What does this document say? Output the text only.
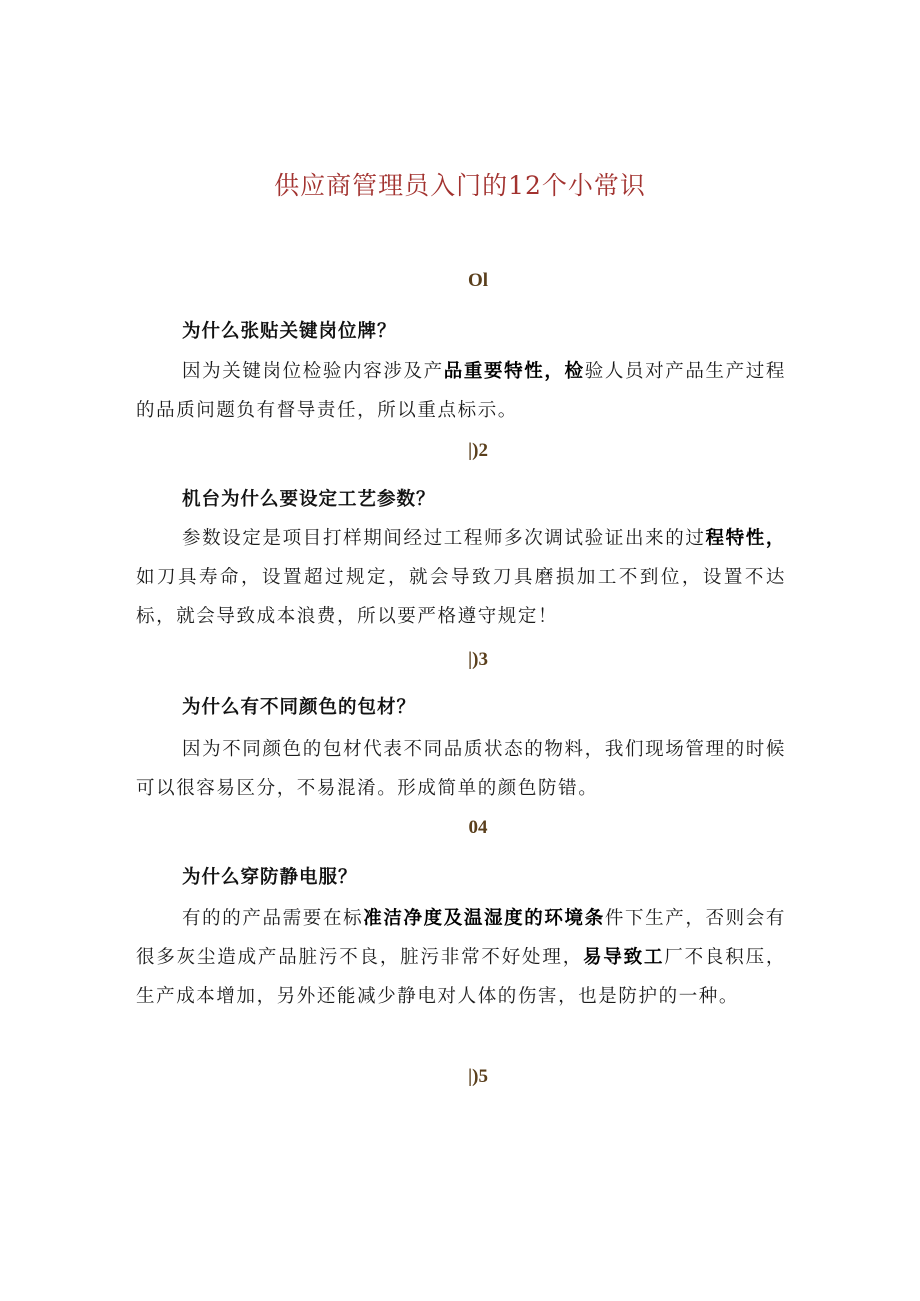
供应商管理员入门的12个小常识
Ol
为什么张贴关键岗位牌？
因为关键岗位检验内容涉及产品重要特性，检验人员对产品生产过程的品质问题负有督导责任，所以重点标示。
|)2
机台为什么要设定工艺参数？
参数设定是项目打样期间经过工程师多次调试验证出来的过程特性，如刀具寿命，设置超过规定，就会导致刀具磨损加工不到位，设置不达标，就会导致成本浪费，所以要严格遵守规定！
|)3
为什么有不同颜色的包材？
因为不同颜色的包材代表不同品质状态的物料，我们现场管理的时候可以很容易区分，不易混淆。形成简单的颜色防错。
04
为什么穿防静电服？
有的的产品需要在标准洁净度及温湿度的环境条件下生产，否则会有很多灰尘造成产品脏污不良，脏污非常不好处理，易导致工厂不良积压，生产成本增加，另外还能减少静电对人体的伤害，也是防护的一种。
|)5
